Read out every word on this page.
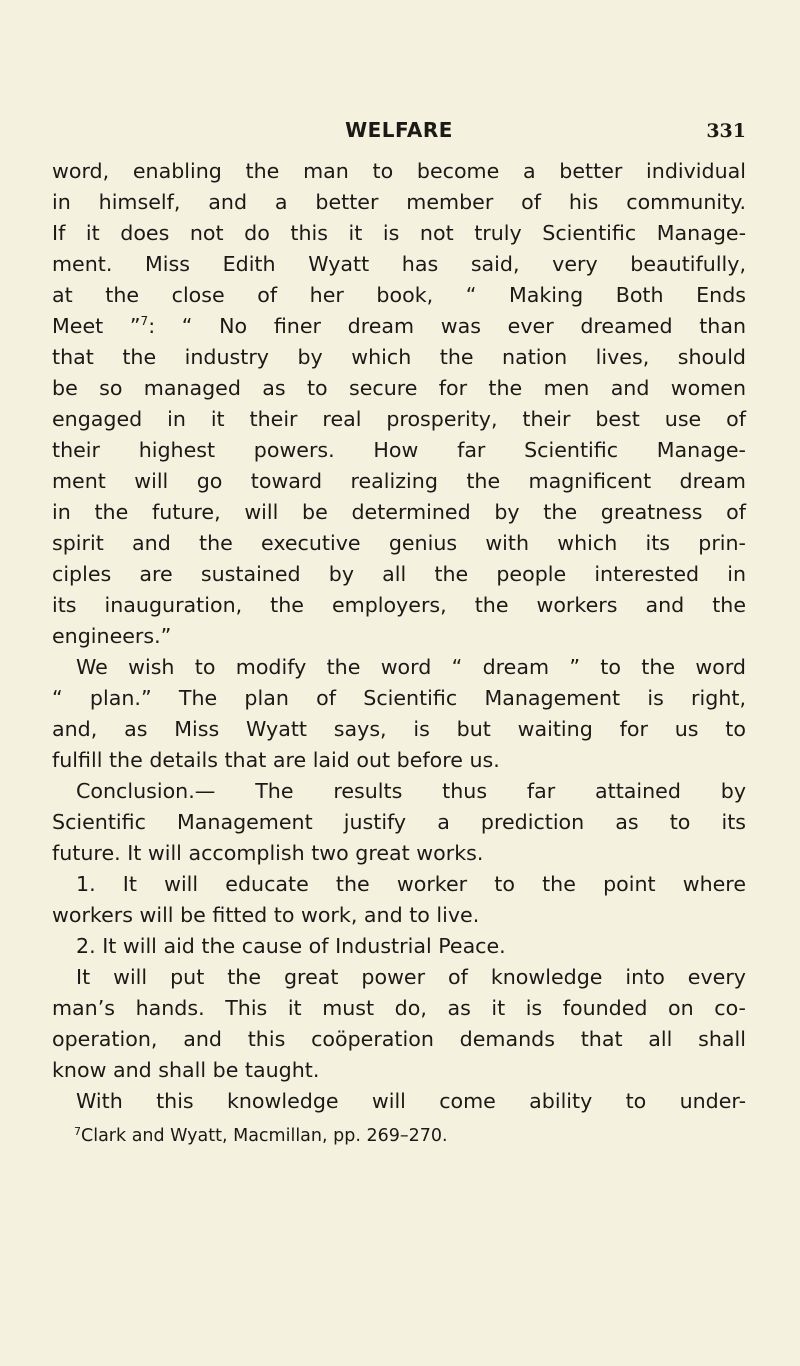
WELFARE	331
word, enabling the man to become a better individual
in himself, and a better member of his community.
If it does not do this it is not truly Scientific Manage-
ment. Miss Edith Wyatt has said, very beautifully,
at the close of her book, “ Making Both Ends
Meet ”$^7$: “ No finer dream was ever dreamed than
that the industry by which the nation lives, should
be so managed as to secure for the men and women
engaged in it their real prosperity, their best use of
their highest powers. How far Scientific Manage-
ment will go toward realizing the magnificent dream
in the future, will be determined by the greatness of
spirit and the executive genius with which its prin-
ciples are sustained by all the people interested in
its inauguration, the employers, the workers and the
engineers.”
We wish to modify the word “ dream ” to the word
“ plan.” The plan of Scientific Management is right,
and, as Miss Wyatt says, is but waiting for us to
fulfill the details that are laid out before us.
Conclusion.— The results thus far attained by
Scientific Management justify a prediction as to its
future. It will accomplish two great works.
1. It will educate the worker to the point where
workers will be fitted to work, and to live.
2. It will aid the cause of Industrial Peace.
It will put the great power of knowledge into every
man’s hands. This it must do, as it is founded on co-
operation, and this coöperation demands that all shall
know and shall be taught.
With this knowledge will come ability to under-
$^7$Clark and Wyatt, Macmillan, pp. 269–270.
